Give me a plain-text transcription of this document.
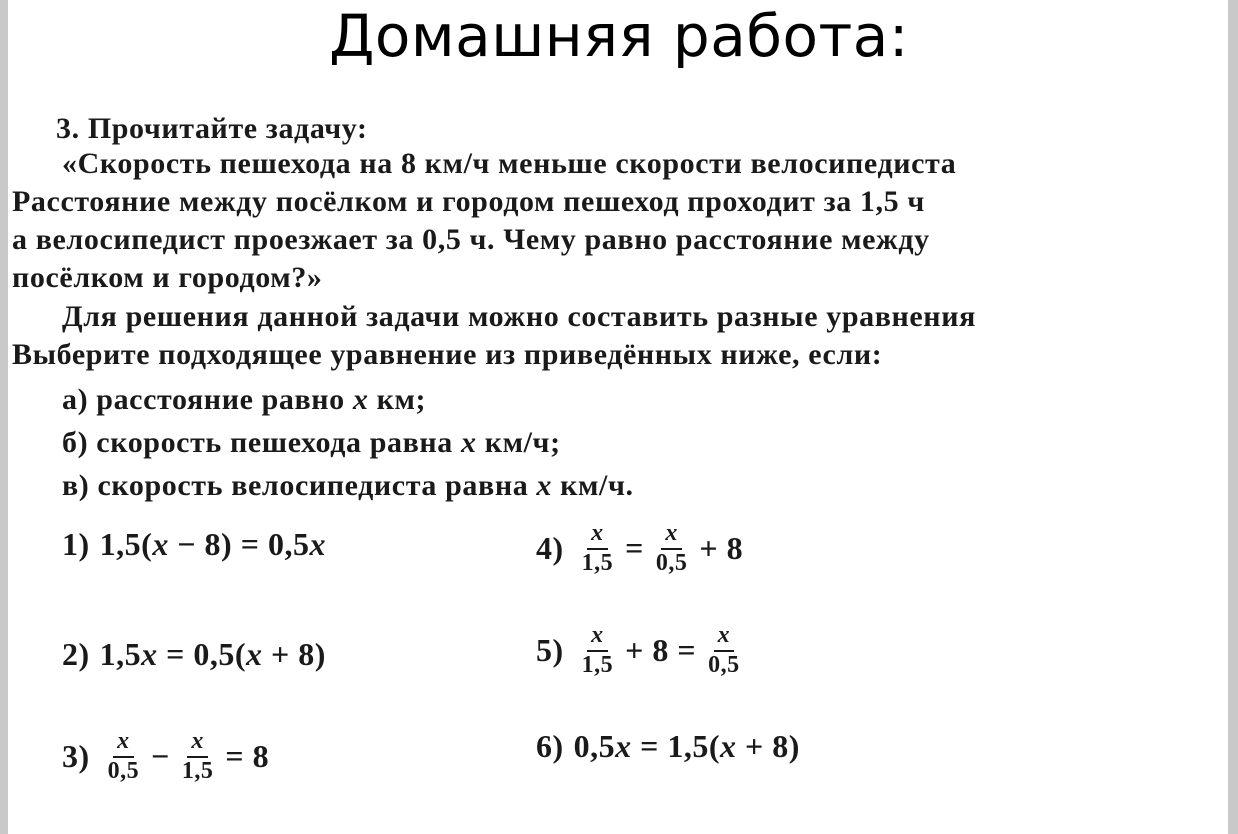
Домашняя работа:
3. Прочитайте задачу:
«Скорость пешехода на 8 км/ч меньше скорости велосипедиста
Расстояние между посёлком и городом пешеход проходит за 1,5 ч
а велосипедист проезжает за 0,5 ч. Чему равно расстояние между
посёлком и городом?»
Для решения данной задачи можно составить разные уравнения
Выберите подходящее уравнение из приведённых ниже, если:
а) расстояние равно x км;
б) скорость пешехода равна x км/ч;
в) скорость велосипедиста равна x км/ч.
1) 1,5( x − 8) = 0,5 x
2) 1,5 x = 0,5( x + 8)
$3) \frac{x}{0,5} - \frac{x}{1,5} = 8$
$4) \frac{x}{1,5} = \frac{x}{0,5} + 8$
$5) \frac{x}{1,5} + 8 = \frac{x}{0,5}$
6) 0,5 x = 1,5( x + 8)
